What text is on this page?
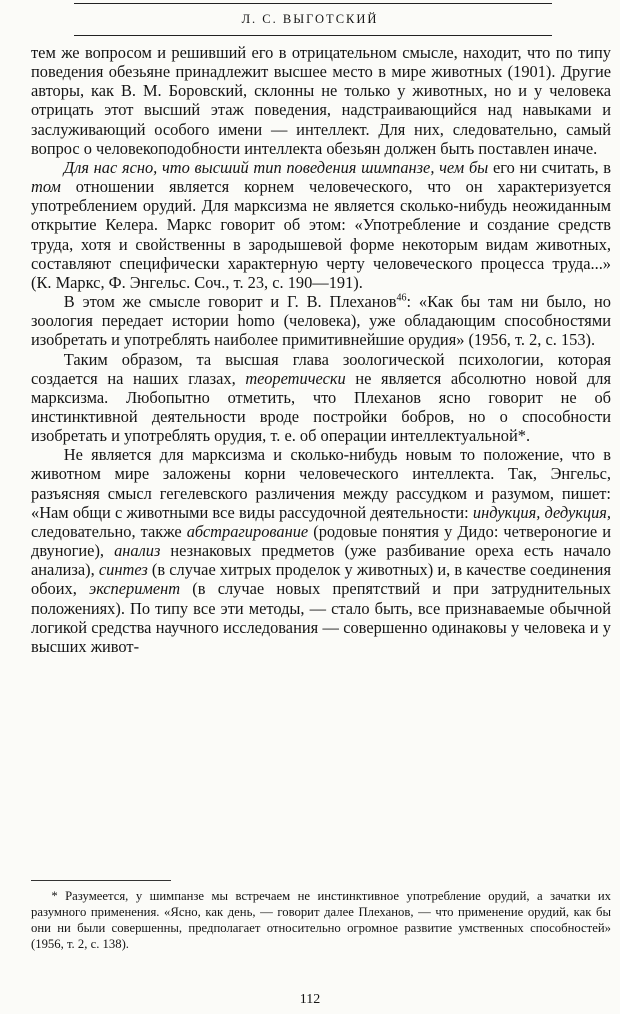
Л. С. ВЫГОТСКИЙ

тем же вопросом и решивший его в отрицательном смысле, находит, что по типу поведения обезьяне принадлежит высшее место в мире животных (1901). Другие авторы, как В. М. Боровский, склонны не только у животных, но и у человека отрицать этот высший этаж поведения, надстраивающийся над навыками и заслуживающий особого имени — интеллект. Для них, следовательно, самый вопрос о человекоподобности интеллекта обезьян должен быть поставлен иначе.

Для нас ясно, что высший тип поведения шимпанзе, чем бы его ни считать, в том отношении является корнем человеческого, что он характеризуется употреблением орудий. Для марксизма не является сколько-нибудь неожиданным открытие Келера. Маркс говорит об этом: «Употребление и создание средств труда, хотя и свойственны в зародышевой форме некоторым видам животных, составляют специфически характерную черту человеческого процесса труда...» (К. Маркс, Ф. Энгельс. Соч., т. 23, с. 190—191).

В этом же смысле говорит и Г. В. Плеханов$^{46}$: «Как бы там ни было, но зоология передает истории homo (человека), уже обладающим способностями изобретать и употреблять наиболее примитивнейшие орудия» (1956, т. 2, с. 153).

Таким образом, та высшая глава зоологической психологии, которая создается на наших глазах, теоретически не является абсолютно новой для марксизма. Любопытно отметить, что Плеханов ясно говорит не об инстинктивной деятельности вроде постройки бобров, но о способности изобретать и употреблять орудия, т. е. об операции интеллектуальной*.

Не является для марксизма и сколько-нибудь новым то положение, что в животном мире заложены корни человеческого интеллекта. Так, Энгельс, разъясняя смысл гегелевского различения между рассудком и разумом, пишет: «Нам общи с животными все виды рассудочной деятельности: индукция, дедукция, следовательно, также абстрагирование (родовые понятия у Дидо: четвероногие и двуногие), анализ незнаковых предметов (уже разбивание ореха есть начало анализа), синтез (в случае хитрых проделок у животных) и, в качестве соединения обоих, эксперимент (в случае новых препятствий и при затруднительных положениях). По типу все эти методы, — стало быть, все признаваемые обычной логикой средства научного исследования — совершенно одинаковы у человека и у высших живот-

* Разумеется, у шимпанзе мы встречаем не инстинктивное употребление орудий, а зачатки их разумного применения. «Ясно, как день, — говорит далее Плеханов, — что применение орудий, как бы они ни были совершенны, предполагает относительно огромное развитие умственных способностей» (1956, т. 2, с. 138).

112
